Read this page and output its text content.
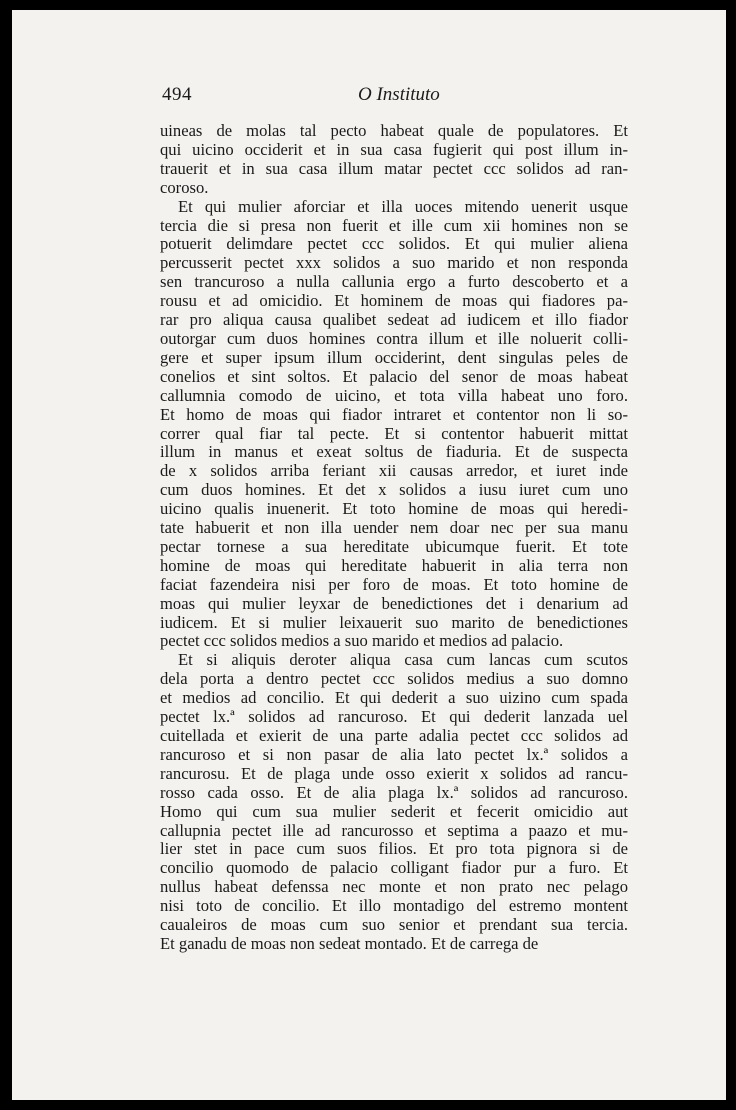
494	O Instituto

uineas de molas tal pecto habeat quale de populatores. Et
qui uicino occiderit et in sua casa fugierit qui post illum in-
trauerit et in sua casa illum matar pectet ccc solidos ad ran-
coroso.

Et qui mulier aforciar et illa uoces mitendo uenerit usque
tercia die si presa non fuerit et ille cum xii homines non se
potuerit delimdare pectet ccc solidos. Et qui mulier aliena
percusserit pectet xxx solidos a suo marido et non responda
sen trancuroso a nulla callunia ergo a furto descoberto et a
rousu et ad omicidio. Et hominem de moas qui fiadores pa-
rar pro aliqua causa qualibet sedeat ad iudicem et illo fiador
outorgar cum duos homines contra illum et ille noluerit colli-
gere et super ipsum illum occiderint, dent singulas peles de
conelios et sint soltos. Et palacio del senor de moas habeat
callumnia comodo de uicino, et tota villa habeat uno foro.
Et homo de moas qui fiador intraret et contentor non li so-
correr qual fiar tal pecte. Et si contentor habuerit mittat
illum in manus et exeat soltus de fiaduria. Et de suspecta
de x solidos arriba feriant xii causas arredor, et iuret inde
cum duos homines. Et det x solidos a iusu iuret cum uno
uicino qualis inuenerit. Et toto homine de moas qui heredi-
tate habuerit et non illa uender nem doar nec per sua manu
pectar tornese a sua hereditate ubicumque fuerit. Et tote
homine de moas qui hereditate habuerit in alia terra non
faciat fazendeira nisi per foro de moas. Et toto homine de
moas qui mulier leyxar de benedictiones det i denarium ad
iudicem. Et si mulier leixauerit suo marito de benedictiones
pectet ccc solidos medios a suo marido et medios ad palacio.

Et si aliquis deroter aliqua casa cum lancas cum scutos
dela porta a dentro pectet ccc solidos medius a suo domno
et medios ad concilio. Et qui dederit a suo uizino cum spada
pectet lx.ª solidos ad rancuroso. Et qui dederit lanzada uel
cuitellada et exierit de una parte adalia pectet ccc solidos ad
rancuroso et si non pasar de alia lato pectet lx.ª solidos a
rancurosu. Et de plaga unde osso exierit x solidos ad rancu-
rosso cada osso. Et de alia plaga lx.ª solidos ad rancuroso.
Homo qui cum sua mulier sederit et fecerit omicidio aut
callupnia pectet ille ad rancurosso et septima a paazo et mu-
lier stet in pace cum suos filios. Et pro tota pignora si de
concilio quomodo de palacio colligant fiador pur a furo. Et
nullus habeat defenssa nec monte et non prato nec pelago
nisi toto de concilio. Et illo montadigo del estremo montent
caualeiros de moas cum suo senior et prendant sua tercia.
Et ganadu de moas non sedeat montado. Et de carrega de
